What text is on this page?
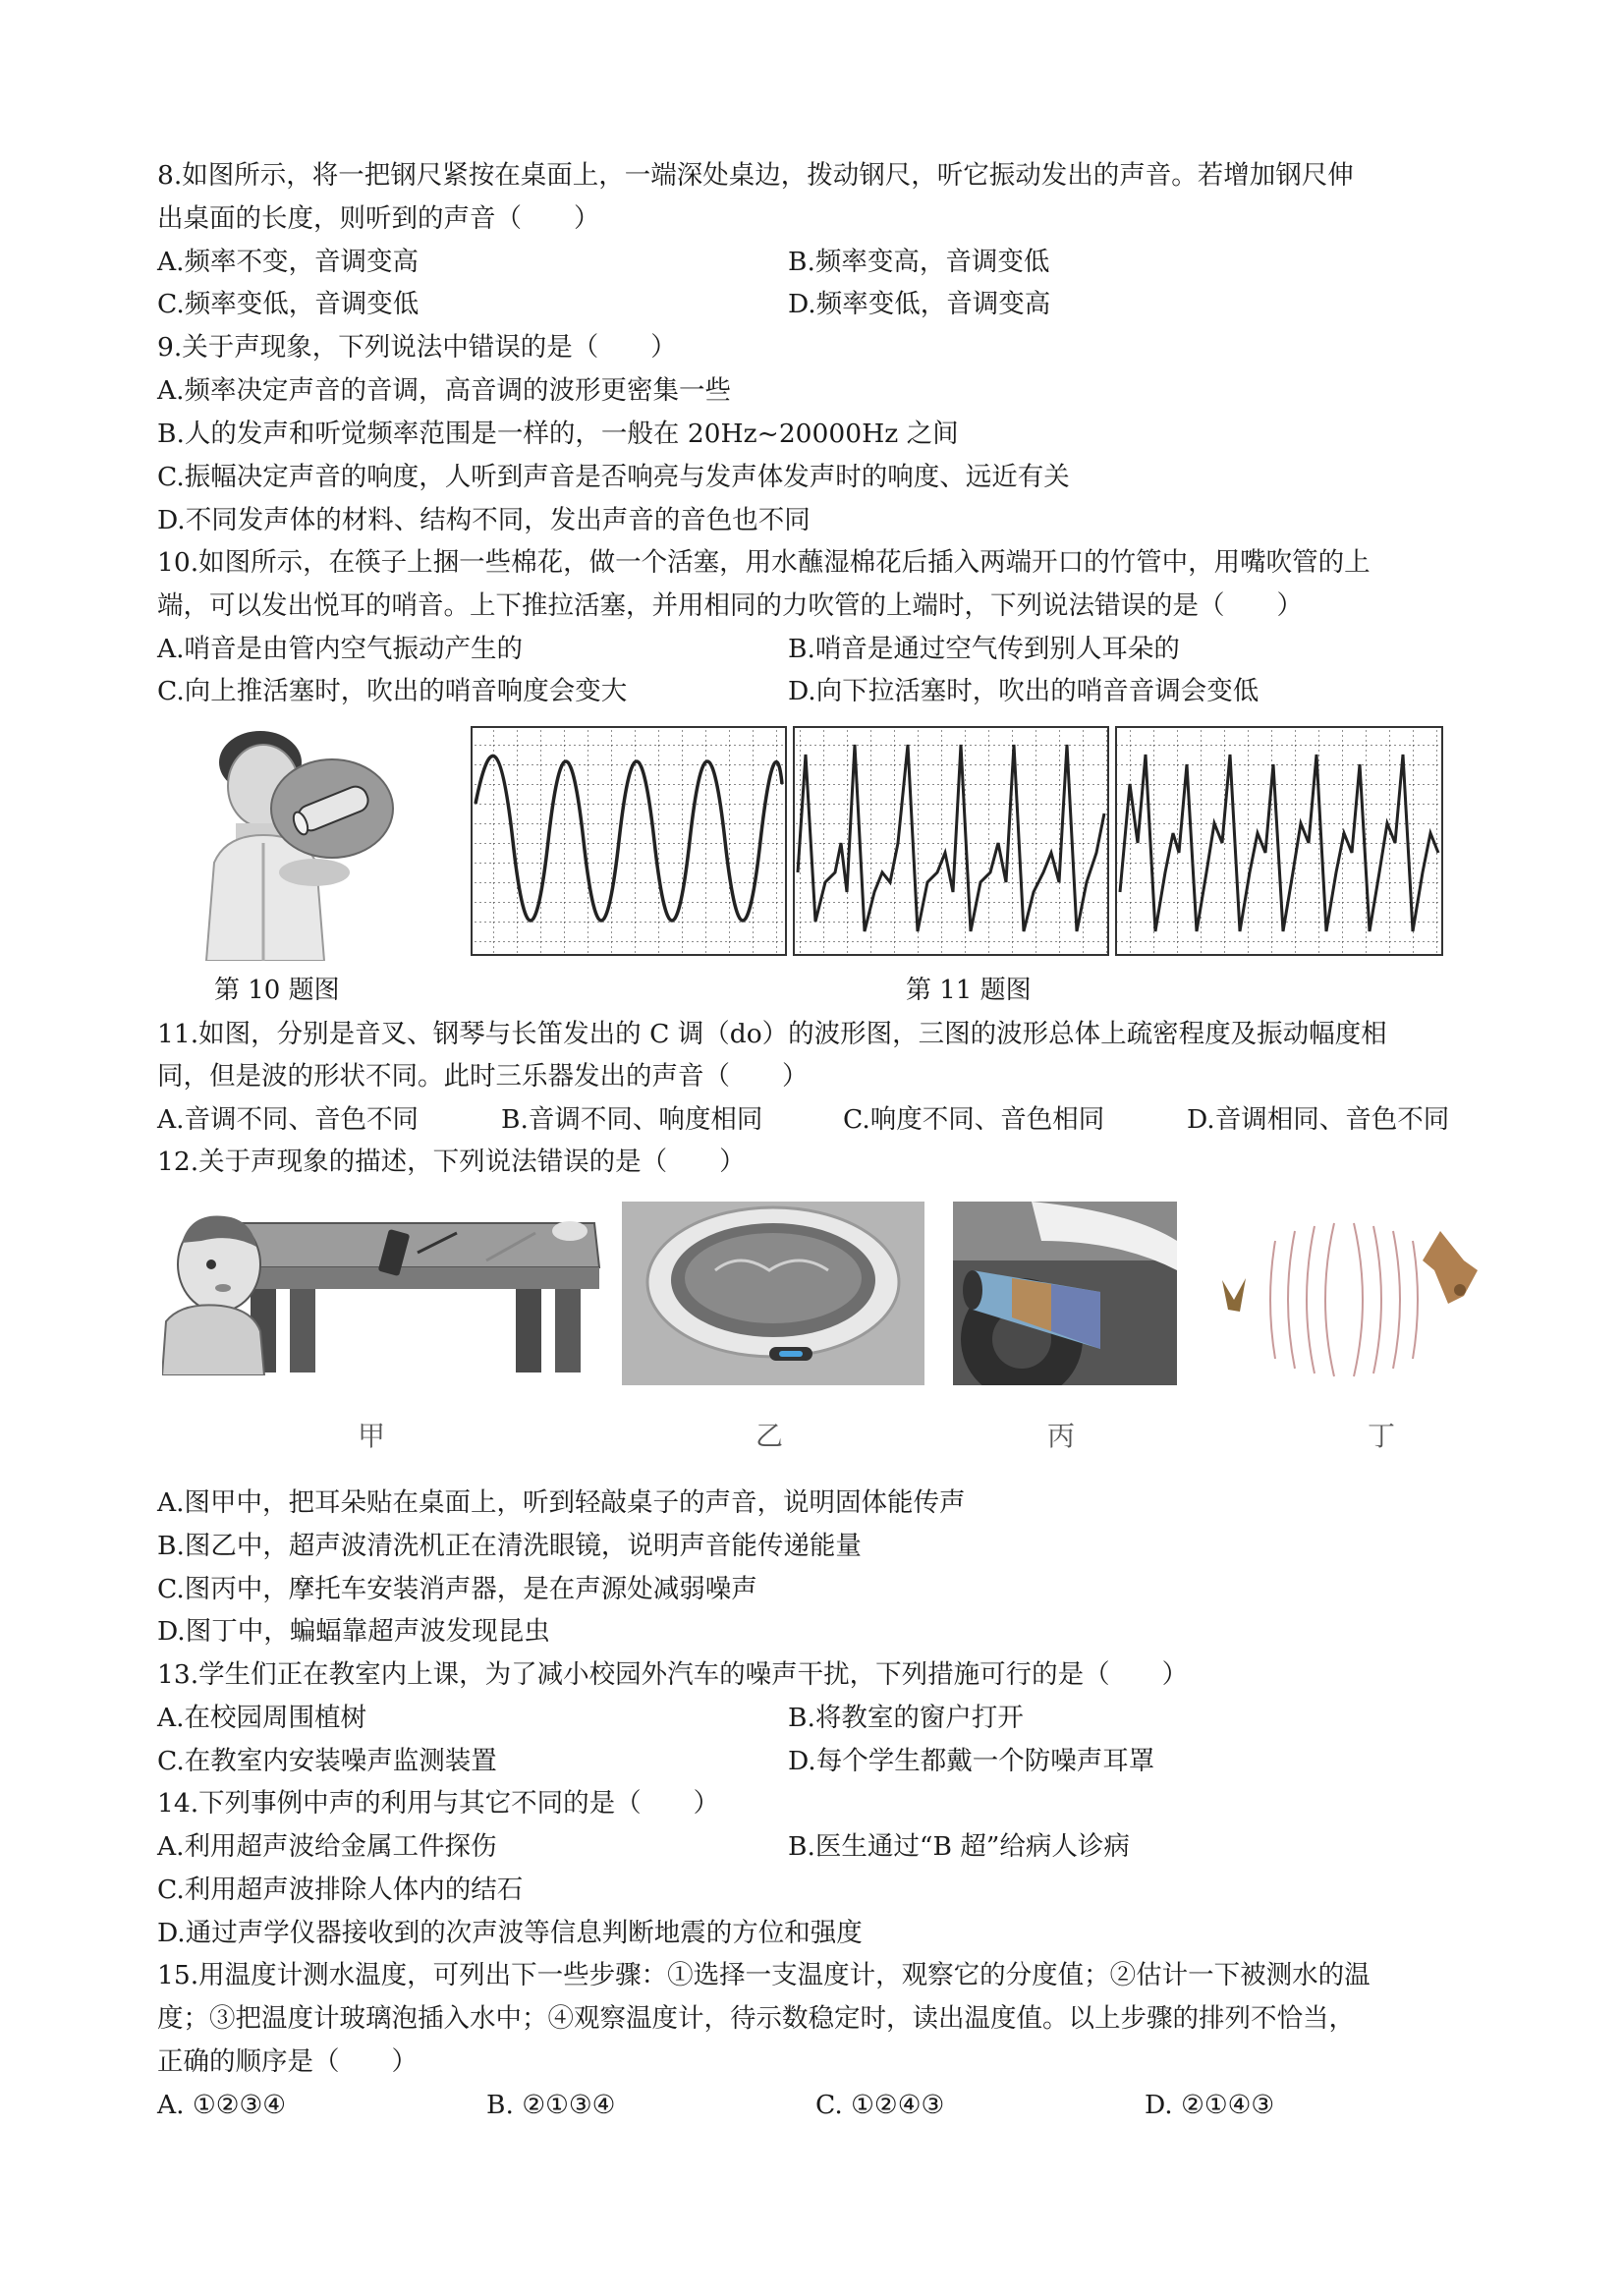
8.如图所示，将一把钢尺紧按在桌面上，一端深处桌边，拨动钢尺，听它振动发出的声音。若增加钢尺伸
出桌面的长度，则听到的声音（　　）
A.频率不变，音调变高	B.频率变高，音调变低
C.频率变低，音调变低	D.频率变低，音调变高
9.关于声现象，下列说法中错误的是（　　）
A.频率决定声音的音调，高音调的波形更密集一些
B.人的发声和听觉频率范围是一样的，一般在 20Hz~20000Hz 之间
C.振幅决定声音的响度，人听到声音是否响亮与发声体发声时的响度、远近有关
D.不同发声体的材料、结构不同，发出声音的音色也不同
10.如图所示，在筷子上捆一些棉花，做一个活塞，用水蘸湿棉花后插入两端开口的竹管中，用嘴吹管的上
端，可以发出悦耳的哨音。上下推拉活塞，并用相同的力吹管的上端时，下列说法错误的是（　　）
A.哨音是由管内空气振动产生的	B.哨音是通过空气传到别人耳朵的
C.向上推活塞时，吹出的哨音响度会变大	D.向下拉活塞时，吹出的哨音音调会变低
第 10 题图	第 11 题图
11.如图，分别是音叉、钢琴与长笛发出的 C 调（do）的波形图，三图的波形总体上疏密程度及振动幅度相
同，但是波的形状不同。此时三乐器发出的声音（　　）
A.音调不同、音色不同	B.音调不同、响度相同	C.响度不同、音色相同	D.音调相同、音色不同
12.关于声现象的描述，下列说法错误的是（　　）
甲	乙	丙	丁
A.图甲中，把耳朵贴在桌面上，听到轻敲桌子的声音，说明固体能传声
B.图乙中，超声波清洗机正在清洗眼镜，说明声音能传递能量
C.图丙中，摩托车安装消声器，是在声源处减弱噪声
D.图丁中，蝙蝠靠超声波发现昆虫
13.学生们正在教室内上课，为了减小校园外汽车的噪声干扰，下列措施可行的是（　　）
A.在校园周围植树	B.将教室的窗户打开
C.在教室内安装噪声监测装置	D.每个学生都戴一个防噪声耳罩
14.下列事例中声的利用与其它不同的是（　　）
A.利用超声波给金属工件探伤	B.医生通过“B 超”给病人诊病
C.利用超声波排除人体内的结石
D.通过声学仪器接收到的次声波等信息判断地震的方位和强度
15.用温度计测水温度，可列出下一些步骤：①选择一支温度计，观察它的分度值；②估计一下被测水的温
度；③把温度计玻璃泡插入水中；④观察温度计，待示数稳定时，读出温度值。以上步骤的排列不恰当，
正确的顺序是（　　）
A. ①②③④	B. ②①③④	C. ①②④③	D. ②①④③
